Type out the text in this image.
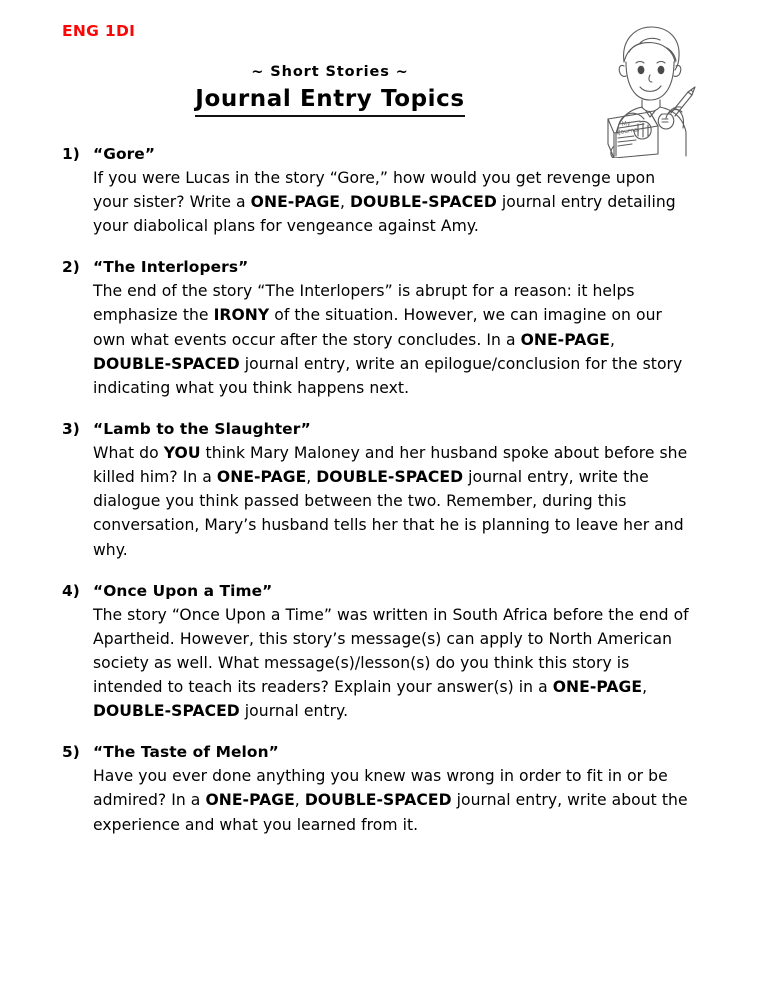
ENG 1DI
~ Short Stories ~
Journal Entry Topics
My
Journal
1) “Gore”
If you were Lucas in the story “Gore,” how would you get revenge upon your sister? Write a ONE-PAGE, DOUBLE-SPACED journal entry detailing your diabolical plans for vengeance against Amy.
2) “The Interlopers”
The end of the story “The Interlopers” is abrupt for a reason: it helps emphasize the IRONY of the situation. However, we can imagine on our own what events occur after the story concludes. In a ONE-PAGE, DOUBLE-SPACED journal entry, write an epilogue/conclusion for the story indicating what you think happens next.
3) “Lamb to the Slaughter”
What do YOU think Mary Maloney and her husband spoke about before she killed him? In a ONE-PAGE, DOUBLE-SPACED journal entry, write the dialogue you think passed between the two. Remember, during this conversation, Mary’s husband tells her that he is planning to leave her and why.
4) “Once Upon a Time”
The story “Once Upon a Time” was written in South Africa before the end of Apartheid. However, this story’s message(s) can apply to North American society as well. What message(s)/lesson(s) do you think this story is intended to teach its readers? Explain your answer(s) in a ONE-PAGE, DOUBLE-SPACED journal entry.
5) “The Taste of Melon”
Have you ever done anything you knew was wrong in order to fit in or be admired? In a ONE-PAGE, DOUBLE-SPACED journal entry, write about the experience and what you learned from it.
